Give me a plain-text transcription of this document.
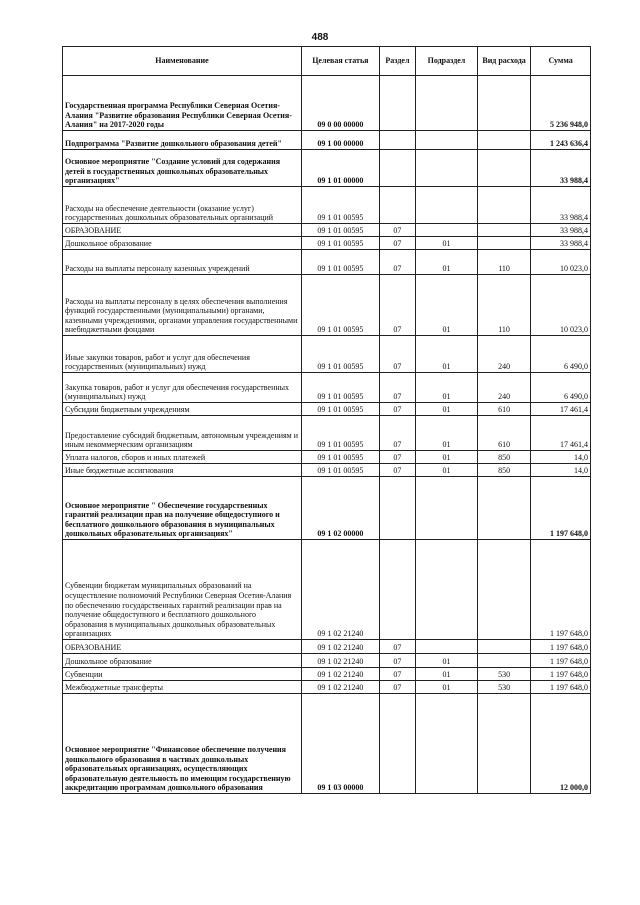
488
Наименование	Целевая статья	Раздел	Подраздел	Вид расхода	Сумма
Государственная программа Республики Северная Осетия-Алания "Развитие образования Республики Северная Осетия-Алания" на 2017-2020 годы	09 0 00 00000				5 236 948,0
Подпрограмма "Развитие дошкольного образования детей"	09 1 00 00000				1 243 636,4
Основное мероприятие "Создание условий для содержания детей в государственных дошкольных образовательных организациях"	09 1 01 00000				33 988,4
Расходы на обеспечение деятельности (оказание услуг) государственных дошкольных образовательных организаций	09 1 01 00595				33 988,4
ОБРАЗОВАНИЕ	09 1 01 00595	07			33 988,4
Дошкольное образование	09 1 01 00595	07	01		33 988,4
Расходы на выплаты персоналу казенных учреждений	09 1 01 00595	07	01	110	10 023,0
Расходы на выплаты персоналу в целях обеспечения выполнения функций государственными (муниципальными) органами, казенными учреждениями, органами управления государственными внебюджетными фондами	09 1 01 00595	07	01	110	10 023,0
Иные закупки товаров, работ и услуг для обеспечения государственных (муниципальных) нужд	09 1 01 00595	07	01	240	6 490,0
Закупка товаров, работ и услуг для обеспечения государственных (муниципальных) нужд	09 1 01 00595	07	01	240	6 490,0
Субсидии бюджетным учреждениям	09 1 01 00595	07	01	610	17 461,4
Предоставление субсидий бюджетным, автономным учреждениям и иным некоммерческим организациям	09 1 01 00595	07	01	610	17 461,4
Уплата налогов, сборов и иных платежей	09 1 01 00595	07	01	850	14,0
Иные бюджетные ассигнования	09 1 01 00595	07	01	850	14,0
Основное мероприятие " Обеспечение государственных гарантий реализации прав на получение общедоступного и бесплатного дошкольного образования в муниципальных дошкольных образовательных организациях"	09 1 02 00000				1 197 648,0
Субвенции бюджетам муниципальных образований на осуществление полномочий Республики Северная Осетия-Алания по обеспечению государственных гарантий реализации прав на получение общедоступного и бесплатного дошкольного образования в муниципальных дошкольных образовательных организациях	09 1 02 21240				1 197 648,0
ОБРАЗОВАНИЕ	09 1 02 21240	07			1 197 648,0
Дошкольное образование	09 1 02 21240	07	01		1 197 648,0
Субвенции	09 1 02 21240	07	01	530	1 197 648,0
Межбюджетные трансферты	09 1 02 21240	07	01	530	1 197 648,0
Основное мероприятие "Финансовое обеспечение получения дошкольного образования в частных дошкольных образовательных организациях, осуществляющих образовательную деятельность по имеющим государственную аккредитацию программам дошкольного образования	09 1 03 00000				12 000,0
